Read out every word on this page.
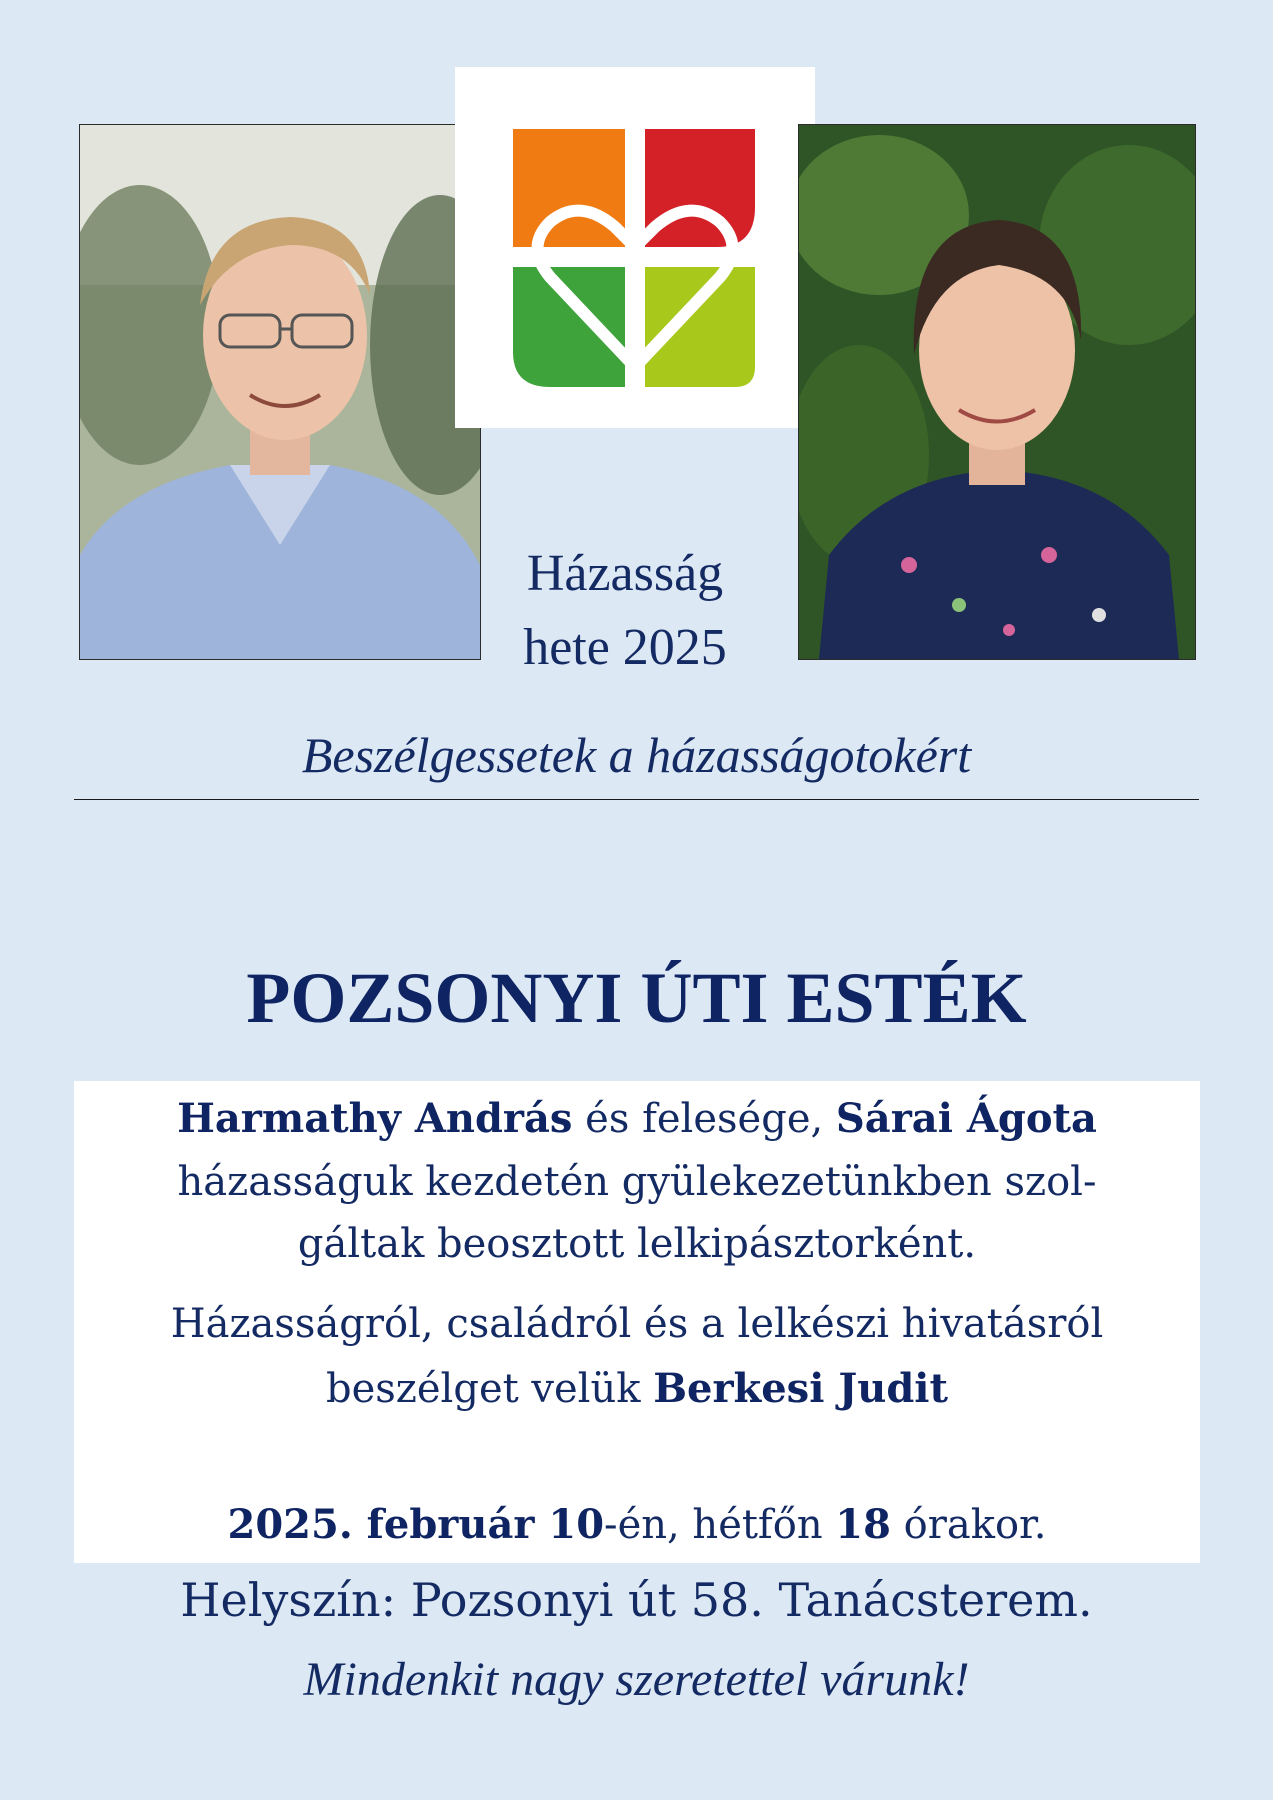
Házasság
hete 2025
Beszélgessetek a házasságotokért
POZSONYI ÚTI ESTÉK
Harmathy András és felesége, Sárai Ágota
házasságuk kezdetén gyülekezetünkben szol-
gáltak beosztott lelkipásztorként.
Házasságról, családról és a lelkészi hivatásról
beszélget velük Berkesi Judit
2025. február 10-én, hétfőn 18 órakor.
Helyszín: Pozsonyi út 58. Tanácsterem.
Mindenkit nagy szeretettel várunk!
